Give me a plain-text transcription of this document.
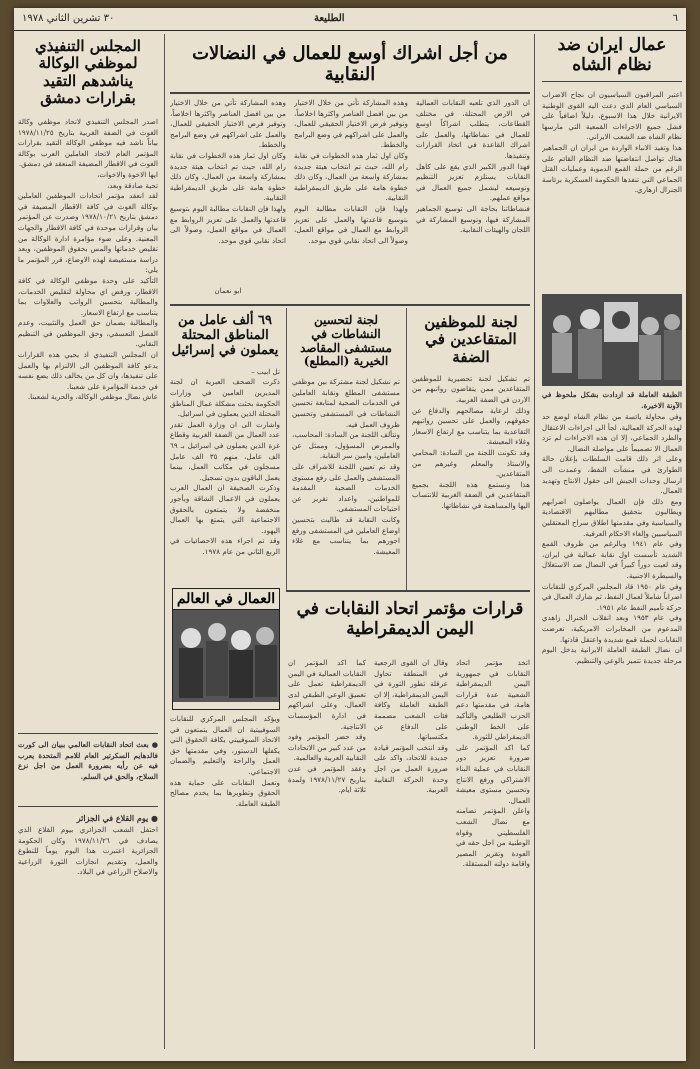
٣٠ تشرين الثاني ١٩٧٨	الطليعة	٦
عمال ايران ضد نظام الشاه
اعتبر المراقبون السياسيون ان نجاح الاضراب السياسي العام الذي دعت اليه القوى الوطنية الايرانية خلال هذا الاسبوع، دليلاً اضافياً على فشل جميع الاجراءات القمعية التي مارسها نظام الشاه ضد الشعب الايراني.
هذا وتفيد الانباء الواردة من ايران ان الجماهير هناك تواصل انتفاضتها ضد النظام القائم على الرغم من حملة القمع الدموية وعمليات القتل الجماعي التي تنفذها الحكومة العسكرية برئاسة الجنرال ازهاري.
الطبقة العاملة قد ازدادت بشكل ملحوظ في الآونة الاخيرة.
وفي محاولة يائسة من نظام الشاه لوضع حد لهذه الحركة العمالية، لجأ الى اجراءات الاعتقال والطرد الجماعي، إلا ان هذه الاجراءات لم تزد العمال الا تصميماً على مواصلة النضال.
وعلى اثر ذلك قامت السلطات بإعلان حالة الطوارئ في منشآت النفط، وعمدت الى ارسال وحدات الجيش الى حقول الانتاج وتهديد العمال.
ومع ذلك فإن العمال يواصلون اضرابهم ويطالبون بتحقيق مطالبهم الاقتصادية والسياسية وفي مقدمتها اطلاق سراح المعتقلين السياسيين وإلغاء الاحكام العرفية.
وفي عام ١٩٤١ وبالرغم من ظروف القمع الشديد تأسست اول نقابة عمالية في ايران، وقد لعبت دوراً كبيراً في النضال ضد الاستغلال والسيطرة الاجنبية.
وفي عام ١٩٥٠ قاد المجلس المركزي للنقابات اضراباً شاملاً لعمال النفط، ثم شارك العمال في حركة تأميم النفط عام ١٩٥١.
وفي عام ١٩٥٣ وبعد انقلاب الجنرال زاهدي المدعوم من المخابرات الامريكية، تعرضت النقابات لحملة قمع شديدة واعتقل قادتها.
ان نضال الطبقة العاملة الايرانية يدخل اليوم مرحلة جديدة تتميز بالوعي والتنظيم.
من أجل اشراك أوسع للعمال في النضالات النقابية
ان الدور الذي تلعبه النقابات العمالية في الارض المحتلة، في مختلف القطاعات، يتطلب اشراكاً اوسع للعمال في نشاطاتها، والعمل على اشراك القاعدة في اتخاذ القرارات وتنفيذها.
فهذا الدور الكبير الذي يقع على كاهل النقابات يستلزم تعزيز التنظيم وتوسيعه ليشمل جميع العمال في مواقع عملهم.
فنشاطاتنا بحاجة الى توسيع الجماهير المشاركة فيها، وتوسيع المشاركة في اللجان والهيئات النقابية.
وهذه المشاركة تأتي من خلال الاختيار من بين افضل العناصر واكثرها اخلاصاً، وتوفير فرص الاختيار الحقيقي للعمال، والعمل على اشراكهم في وضع البرامج والخطط.
وكان اول ثمار هذه الخطوات في نقابة رام الله، حيث تم انتخاب هيئة جديدة بمشاركة واسعة من العمال، وكان ذلك خطوة هامة على طريق الديمقراطية النقابية.
ولهذا فإن النقابات مطالبة اليوم بتوسيع قاعدتها والعمل على تعزيز الروابط مع العمال في مواقع العمل، وصولاً الى اتحاد نقابي قوي موحد.
وهذه المشاركة تأتي من خلال الاختيار من بين افضل العناصر واكثرها اخلاصاً، وتوفير فرص الاختيار الحقيقي للعمال، والعمل على اشراكهم في وضع البرامج والخطط.
وكان اول ثمار هذه الخطوات في نقابة رام الله، حيث تم انتخاب هيئة جديدة بمشاركة واسعة من العمال، وكان ذلك خطوة هامة على طريق الديمقراطية النقابية.
ولهذا فإن النقابات مطالبة اليوم بتوسيع قاعدتها والعمل على تعزيز الروابط مع العمال في مواقع العمل، وصولاً الى اتحاد نقابي قوي موحد.
ابو نعمان
لجنة للموظفين المتقاعدين في الضفة
تم تشكيل لجنة تحضيرية للموظفين المتقاعدين ممن يتقاضون رواتبهم من الاردن في الضفة الغربية.
وذلك لرعاية مصالحهم والدفاع عن حقوقهم، والعمل على تحسين رواتبهم التقاعدية بما يتناسب مع ارتفاع الاسعار وغلاء المعيشة.
وقد تكونت اللجنة من السادة: المحامي والاستاذ والمعلم وغيرهم من المتقاعدين.
هذا ونستمع هذه اللجنة بجميع المتقاعدين في الضفة الغربية للانتساب اليها والمساهمة في نشاطاتها.
لجنة لتحسين النشاطات في مستشفى المقاصد الخيرية (المطلع)
تم تشكيل لجنة مشتركة بين موظفي مستشفى المطلع ونقابة العاملين في الخدمات الصحية لمتابعة تحسين النشاطات في المستشفى وتحسين ظروف العمل فيه.
وتتألف اللجنة من السادة: المحاسب، والممرض المسؤول، وممثل عن العاملين، وامين سر النقابة.
وقد تم تعيين اللجنة للاشراف على المستشفى والعمل على رفع مستوى الخدمات الصحية المقدمة للمواطنين، واعداد تقرير عن احتياجات المستشفى.
وكانت النقابة قد طالبت بتحسين اوضاع العاملين في المستشفى ورفع اجورهم بما يتناسب مع غلاء المعيشة.
٦٩ ألف عامل من المناطق المحتلة يعملون في إسرائيل
تل ابيب –
ذكرت الصحف العبرية ان لجنة المديرين العامين في وزارات الحكومة بحثت مشكلة عمال المناطق المحتلة الذين يعملون في اسرائيل.
واشارت الى ان وزارة العمل تقدر عدد العمال من الضفة الغربية وقطاع غزة الذين يعملون في اسرائيل بـ ٦٩ الف عامل، منهم ٣٥ الف عامل مسجلون في مكاتب العمل، بينما يعمل الباقون بدون تسجيل.
وذكرت الصحيفة ان العمال العرب يعملون في الاعمال الشاقة وبأجور منخفضة ولا يتمتعون بالحقوق الاجتماعية التي يتمتع بها العمال اليهود.
وقد تم اجراء هذه الاحصائيات في الربع الثاني من عام ١٩٧٨.
العمال في العالم
ويؤكد المجلس المركزي للنقابات السوفييتية ان العمال يتمتعون في الاتحاد السوفييتي بكافة الحقوق التي يكفلها الدستور، وفي مقدمتها حق العمل والراحة والتعليم والضمان الاجتماعي.
وتعمل النقابات على حماية هذه الحقوق وتطويرها بما يخدم مصالح الطبقة العاملة.
قرارات مؤتمر اتحاد النقابات في اليمن الديمقراطية
اتخذ مؤتمر اتحاد النقابات في جمهورية اليمن الديمقراطية الشعبية عدة قرارات هامة، في مقدمتها دعم الحزب الطليعي والتأكيد على الخط الوطني الديمقراطي للثورة.
كما اكد المؤتمر على ضرورة تعزيز دور النقابات في عملية البناء الاشتراكي ورفع الانتاج وتحسين مستوى معيشة العمال.
واعلن المؤتمر تضامنه مع نضال الشعب الفلسطيني وقواه الوطنية من اجل حقه في العودة وتقرير المصير واقامة دولته المستقلة.
وقال ان القوى الرجعية في المنطقة تحاول عرقلة تطور الثورة في اليمن الديمقراطية، إلا ان الطبقة العاملة وكافة فئات الشعب مصممة على الدفاع عن مكتسباتها.
وقد انتخب المؤتمر قيادة جديدة للاتحاد، واكد على ضرورة العمل من اجل وحدة الحركة النقابية العربية.
كما اكد المؤتمر ان النقابات العمالية في اليمن الديمقراطية تعمل على تعميق الوعي الطبقي لدى العمال، وعلى اشراكهم في ادارة المؤسسات الانتاجية.
وقد حضر المؤتمر وفود من عدد كبير من الاتحادات النقابية العربية والعالمية.
وعقد المؤتمر في عدن بتاريخ ١٩٧٨/١١/٢٧ ولمدة ثلاثة ايام.
المجلس التنفيذي لموظفي الوكالة يناشدهم التقيد بقرارات دمشق
اصدر المجلس التنفيذي لاتحاد موظفي وكالة الغوث في الضفة الغربية بتاريخ ١٩٧٨/١١/٢٥ بياناً ناشد فيه موظفي الوكالة التقيد بقرارات المؤتمر العام لاتحاد العاملين العرب بوكالة الغوث في الاقطار المضيفة المنعقد في دمشق.
ايها الاخوة والاخوات،
تحية صادقة وبعد،
لقد انعقد مؤتمر اتحادات الموظفين العاملين بوكالة الغوث في كافة الاقطار المضيفة في دمشق بتاريخ ١٩٧٨/١٠/٢١ وصدرت عن المؤتمر بيان وقرارات موحدة في كافة الاقطار والجهات المعنية. وعلى ضوء مؤامرة ادارة الوكالة من تقليص خدماتها والمس بحقوق الموظفين، وبعد دراسة مستفيضة لهذه الاوضاع، قرر المؤتمر ما يلي:
التأكيد على وحدة موظفي الوكالة في كافة الاقطار، ورفض اي محاولة لتقليص الخدمات، والمطالبة بتحسين الرواتب والعلاوات بما يتناسب مع ارتفاع الاسعار.
والمطالبة بضمان حق العمل والتثبيت، وعدم الفصل التعسفي، وحق الموظفين في التنظيم النقابي.
ان المجلس التنفيذي اذ يحيي هذه القرارات يدعو كافة الموظفين الى الالتزام بها والعمل على تنفيذها، وان كل من يخالف ذلك يضع نفسه في خدمة المؤامرة على شعبنا.
عاش نضال موظفي الوكالة، والحرية لشعبنا.
● بعث اتحاد النقابات العالمي ببيان الى كورت فالدهايم السكرتير العام للامم المتحدة يعرب فيه عن رأيه بضرورة العمل من اجل نزع السلاح، والحق في السلم.
● يوم القلاع في الجزائر
احتفل الشعب الجزائري بيوم القلاع الذي يصادف في ١٩٧٨/١١/٢٦ وكان الحكومة الجزائرية اعتبرت هذا اليوم يوماً للتطوع والعمل، وتقديم انجازات الثورة الزراعية والاصلاح الزراعي في البلاد.
